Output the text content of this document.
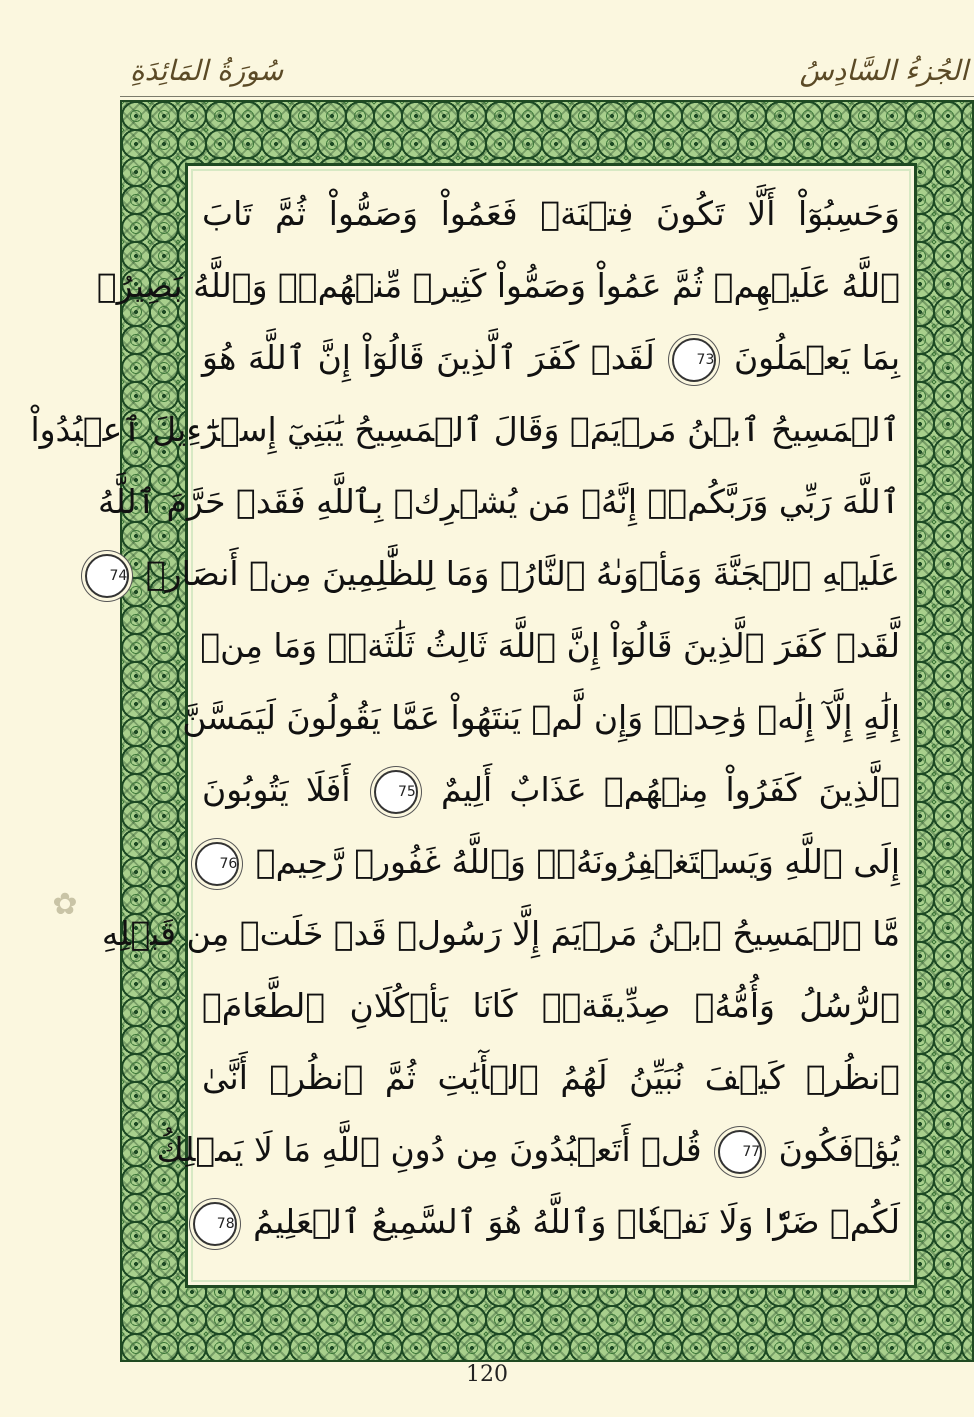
سُورَةُ المَائِدَةِ	الجُزءُ السَّادِسُ
وَحَسِبُوٓاْ أَلَّا تَكُونَ فِتۡنَةٞ فَعَمُواْ وَصَمُّواْ ثُمَّ تَابَ
ٱللَّهُ عَلَيۡهِمۡ ثُمَّ عَمُواْ وَصَمُّواْ كَثِيرٞ مِّنۡهُمۡۚ وَٱللَّهُ بَصِيرُۢ
بِمَا يَعۡمَلُونَ 73 لَقَدۡ كَفَرَ ٱلَّذِينَ قَالُوٓاْ إِنَّ ٱللَّهَ هُوَ
ٱلۡمَسِيحُ ٱبۡنُ مَرۡيَمَۖ وَقَالَ ٱلۡمَسِيحُ يَٰبَنِيٓ إِسۡرَٰٓءِيلَ ٱعۡبُدُواْ
ٱللَّهَ رَبِّي وَرَبَّكُمۡۖ إِنَّهُۥ مَن يُشۡرِكۡ بِٱللَّهِ فَقَدۡ حَرَّمَ ٱللَّهُ
عَلَيۡهِ ٱلۡجَنَّةَ وَمَأۡوَىٰهُ ٱلنَّارُۖ وَمَا لِلظَّٰلِمِينَ مِنۡ أَنصَارٖ 74
لَّقَدۡ كَفَرَ ٱلَّذِينَ قَالُوٓاْ إِنَّ ٱللَّهَ ثَالِثُ ثَلَٰثَةٖۘ وَمَا مِنۡ
إِلَٰهٍ إِلَّآ إِلَٰهٞ وَٰحِدٞۚ وَإِن لَّمۡ يَنتَهُواْ عَمَّا يَقُولُونَ لَيَمَسَّنَّ
ٱلَّذِينَ كَفَرُواْ مِنۡهُمۡ عَذَابٌ أَلِيمٌ 75 أَفَلَا يَتُوبُونَ
إِلَى ٱللَّهِ وَيَسۡتَغۡفِرُونَهُۥۚ وَٱللَّهُ غَفُورٞ رَّحِيمٞ 76
مَّا ٱلۡمَسِيحُ ٱبۡنُ مَرۡيَمَ إِلَّا رَسُولٞ قَدۡ خَلَتۡ مِن قَبۡلِهِ
ٱلرُّسُلُ وَأُمُّهُۥ صِدِّيقَةٞۖ كَانَا يَأۡكُلَانِ ٱلطَّعَامَۗ
ٱنظُرۡ كَيۡفَ نُبَيِّنُ لَهُمُ ٱلۡأٓيَٰتِ ثُمَّ ٱنظُرۡ أَنَّىٰ
يُؤۡفَكُونَ 77 قُلۡ أَتَعۡبُدُونَ مِن دُونِ ٱللَّهِ مَا لَا يَمۡلِكُ
لَكُمۡ ضَرّٗا وَلَا نَفۡعٗاۚ وَٱللَّهُ هُوَ ٱلسَّمِيعُ ٱلۡعَلِيمُ 78
✿
120
